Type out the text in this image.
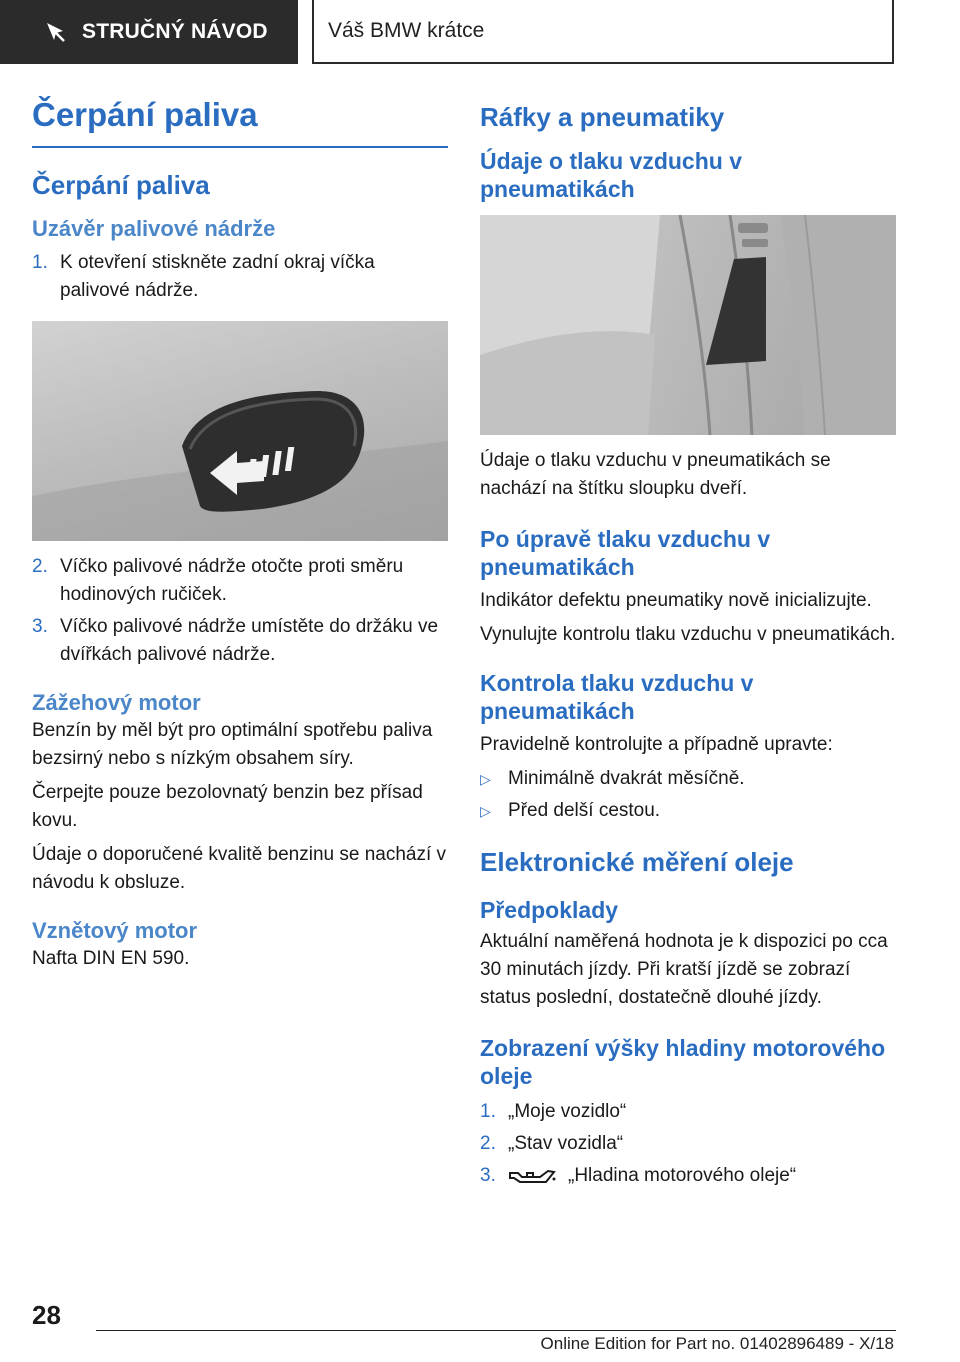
STRUČNÝ NÁVOD	Váš BMW krátce
Čerpání paliva
Čerpání paliva
Uzávěr palivové nádrže
1. K otevření stiskněte zadní okraj víčka palivové nádrže.
2. Víčko palivové nádrže otočte proti směru hodinových ručiček.
3. Víčko palivové nádrže umístěte do držáku ve dvířkách palivové nádrže.
Zážehový motor

Benzín by měl být pro optimální spotřebu paliva bezsirný nebo s nízkým obsahem síry.

Čerpejte pouze bezolovnatý benzin bez přísad kovu.

Údaje o doporučené kvalitě benzinu se nachází v návodu k obsluze.

Vznětový motor

Nafta DIN EN 590.

Ráfky a pneumatiky
Údaje o tlaku vzduchu v pneumatikách

Údaje o tlaku vzduchu v pneumatikách se nachází na štítku sloupku dveří.

Po úpravě tlaku vzduchu v pneumatikách

Indikátor defektu pneumatiky nově inicializujte.

Vynulujte kontrolu tlaku vzduchu v pneumatikách.

Kontrola tlaku vzduchu v pneumatikách

Pravidelně kontrolujte a případně upravte:

▷ Minimálně dvakrát měsíčně.
▷ Před delší cestou.
Elektronické měření oleje
Předpoklady

Aktuální naměřená hodnota je k dispozici po cca 30 minutách jízdy. Při kratší jízdě se zobrazí status poslední, dostatečně dlouhé jízdy.

Zobrazení výšky hladiny motorového oleje
1. „Moje vozidlo“
2. „Stav vozidla“
3.	„Hladina motorového oleje“
28
Online Edition for Part no. 01402896489 - X/18
